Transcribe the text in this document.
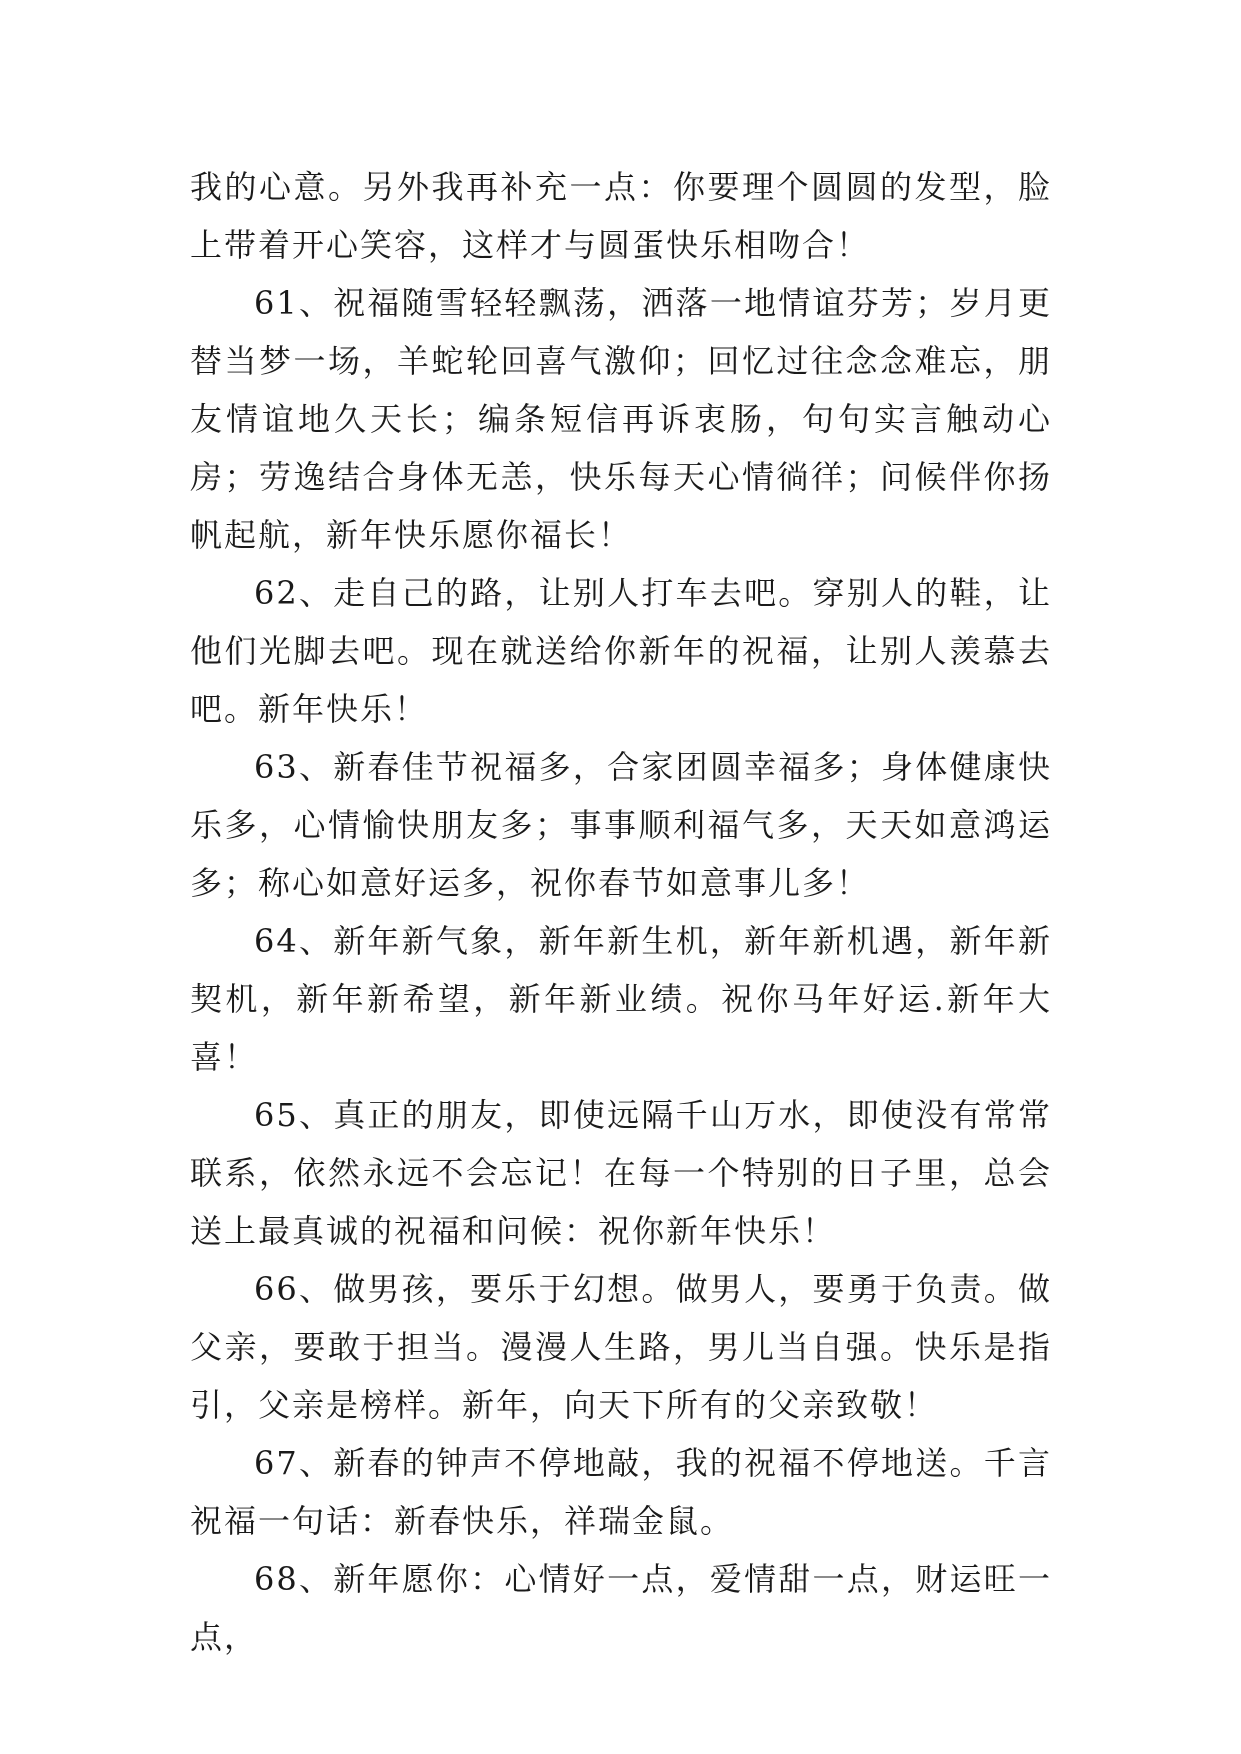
我的心意。另外我再补充一点：你要理个圆圆的发型，脸上带着开心笑容，这样才与圆蛋快乐相吻合！

61、祝福随雪轻轻飘荡，洒落一地情谊芬芳；岁月更替当梦一场，羊蛇轮回喜气激仰；回忆过往念念难忘，朋友情谊地久天长；编条短信再诉衷肠，句句实言触动心房；劳逸结合身体无恙，快乐每天心情徜徉；问候伴你扬帆起航，新年快乐愿你福长！

62、走自己的路，让别人打车去吧。穿别人的鞋，让他们光脚去吧。现在就送给你新年的祝福，让别人羡慕去吧。新年快乐！

63、新春佳节祝福多，合家团圆幸福多；身体健康快乐多，心情愉快朋友多；事事顺利福气多，天天如意鸿运多；称心如意好运多，祝你春节如意事儿多！

64、新年新气象，新年新生机，新年新机遇，新年新契机，新年新希望，新年新业绩。祝你马年好运.新年大喜！

65、真正的朋友，即使远隔千山万水，即使没有常常联系，依然永远不会忘记！在每一个特别的日子里，总会送上最真诚的祝福和问候：祝你新年快乐！

66、做男孩，要乐于幻想。做男人，要勇于负责。做父亲，要敢于担当。漫漫人生路，男儿当自强。快乐是指引，父亲是榜样。新年，向天下所有的父亲致敬！

67、新春的钟声不停地敲，我的祝福不停地送。千言祝福一句话：新春快乐，祥瑞金鼠。

68、新年愿你：心情好一点，爱情甜一点，财运旺一点，
